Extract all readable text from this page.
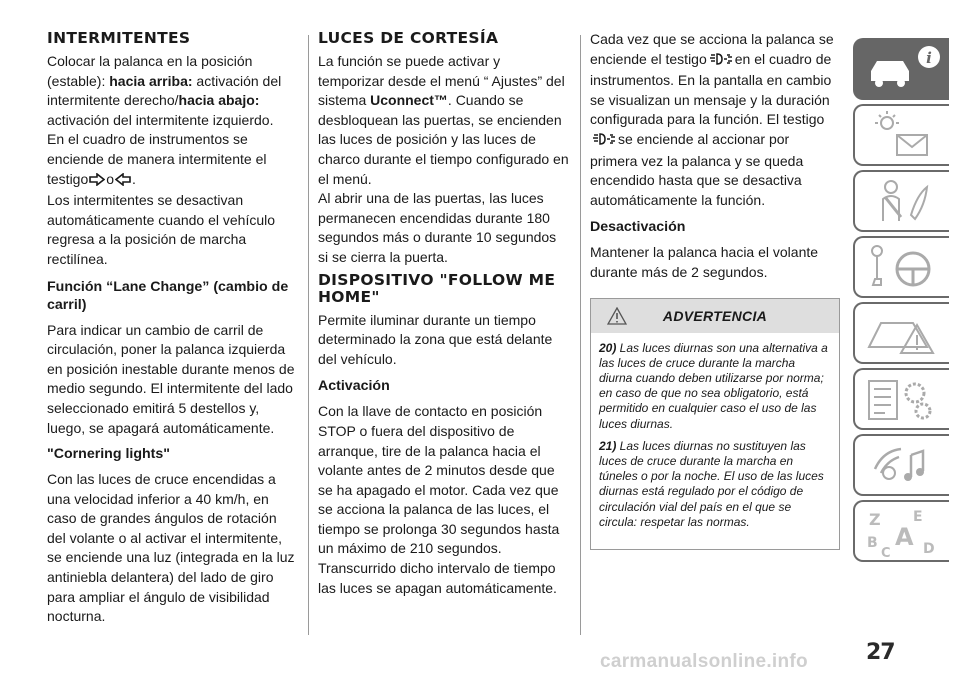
INTERMITENTES

Colocar la palanca en la posición (estable): hacia arriba: activación del intermitente derecho/hacia abajo: activación del intermitente izquierdo.
En el cuadro de instrumentos se enciende de manera intermitente el testigo o .
Los intermitentes se desactivan automáticamente cuando el vehículo regresa a la posición de marcha rectilínea.

Función “Lane Change” (cambio de carril)

Para indicar un cambio de carril de circulación, poner la palanca izquierda en posición inestable durante menos de medio segundo. El intermitente del lado seleccionado emitirá 5 destellos y, luego, se apagará automáticamente.

"Cornering lights"

Con las luces de cruce encendidas a una velocidad inferior a 40 km/h, en caso de grandes ángulos de rotación del volante o al activar el intermitente, se enciende una luz (integrada en la luz antiniebla delantera) del lado de giro para ampliar el ángulo de visibilidad nocturna.

LUCES DE CORTESÍA

La función se puede activar y temporizar desde el menú “ Ajustes” del sistema Uconnect™. Cuando se desbloquean las puertas, se encienden las luces de posición y las luces de charco durante el tiempo configurado en el menú.
Al abrir una de las puertas, las luces permanecen encendidas durante 180 segundos más o durante 10 segundos si se cierra la puerta.

DISPOSITIVO "FOLLOW ME HOME"

Permite iluminar durante un tiempo determinado la zona que está delante del vehículo.

Activación

Con la llave de contacto en posición STOP o fuera del dispositivo de arranque, tire de la palanca hacia el volante antes de 2 minutos desde que se ha apagado el motor. Cada vez que se acciona la palanca de las luces, el tiempo se prolonga 30 segundos hasta un máximo de 210 segundos. Transcurrido dicho intervalo de tiempo las luces se apagan automáticamente.

Cada vez que se acciona la palanca se enciende el testigo en el cuadro de instrumentos. En la pantalla en cambio se visualizan un mensaje y la duración configurada para la función. El testigose enciende al accionar por primera vez la palanca y se queda encendido hasta que se desactiva automáticamente la función.

Desactivación

Mantener la palanca hacia el volante durante más de 2 segundos.

ADVERTENCIA

20) Las luces diurnas son una alternativa a las luces de cruce durante la marcha diurna cuando deben utilizarse por norma; en caso de que no sea obligatorio, está permitido en cualquier caso el uso de las luces diurnas.

21) Las luces diurnas no sustituyen las luces de cruce durante la marcha en túneles o por la noche. El uso de las luces diurnas está regulado por el código de circulación vial del país en el que se circula: respetar las normas.

i
Z E
A
B
C D
27
carmanualsonline.info
